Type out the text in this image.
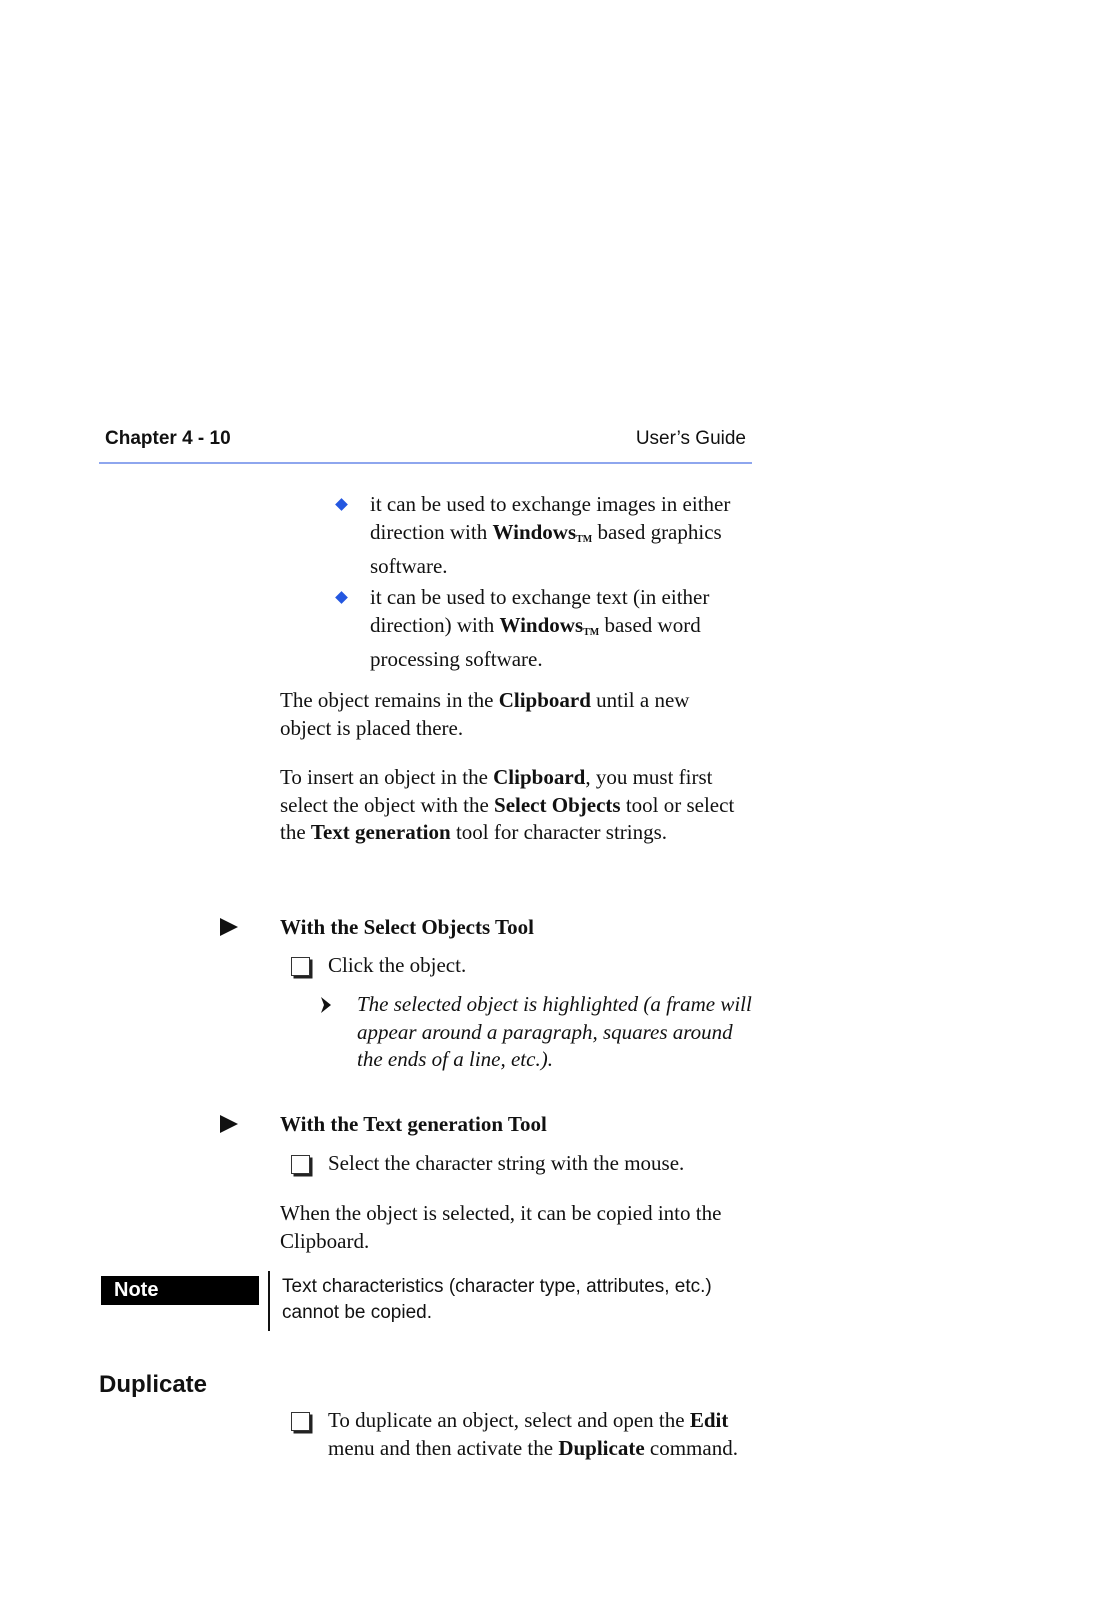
Chapter 4 - 10	User’s Guide

it can be used to exchange images in either direction with WindowsTM based graphics software.

it can be used to exchange text (in either direction) with WindowsTM based word processing software.

The object remains in the Clipboard until a new object is placed there.

To insert an object in the Clipboard, you must first select the object with the Select Objects tool or select the Text generation tool for character strings.

With the Select Objects Tool
Click the object.

The selected object is highlighted (a frame will appear around a paragraph, squares around the ends of a line, etc.).

With the Text generation Tool
Select the character string with the mouse.

When the object is selected, it can be copied into the Clipboard.

Note	Text characteristics (character type, attributes, etc.) cannot be copied.

Duplicate

To duplicate an object, select and open the Edit menu and then activate the Duplicate command.
